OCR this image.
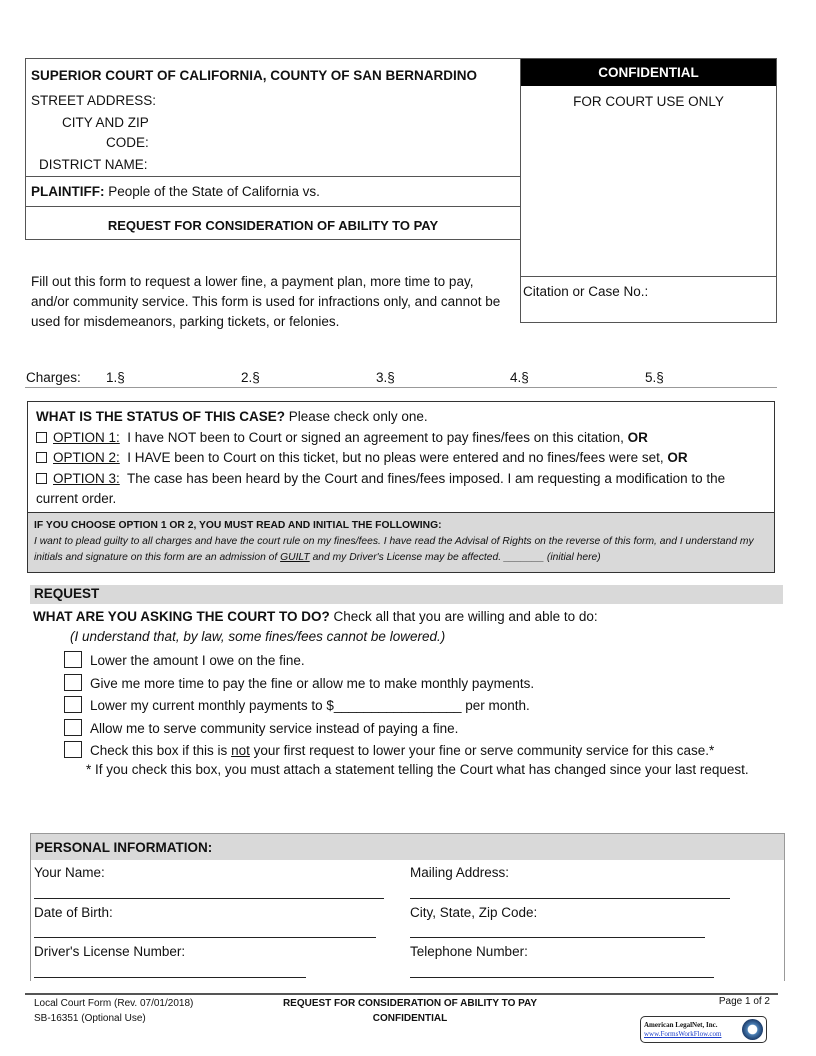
SUPERIOR COURT OF CALIFORNIA, COUNTY OF SAN BERNARDINO
STREET ADDRESS:
CITY AND ZIP
CODE:
DISTRICT NAME:
PLAINTIFF: People of the State of California vs.
REQUEST FOR CONSIDERATION OF ABILITY TO PAY
CONFIDENTIAL
FOR COURT USE ONLY
Citation or Case No.:
Fill out this form to request a lower fine, a payment plan, more time to pay, and/or community service. This form is used for infractions only, and cannot be used for misdemeanors, parking tickets, or felonies.
Charges: 1.§	2.§	3.§	4.§	5.§
WHAT IS THE STATUS OF THIS CASE? Please check only one.
OPTION 1: I have NOT been to Court or signed an agreement to pay fines/fees on this citation, OR
OPTION 2: I HAVE been to Court on this ticket, but no pleas were entered and no fines/fees were set, OR
OPTION 3: The case has been heard by the Court and fines/fees imposed. I am requesting a modification to the current order.
IF YOU CHOOSE OPTION 1 OR 2, YOU MUST READ AND INITIAL THE FOLLOWING:
I want to plead guilty to all charges and have the court rule on my fines/fees. I have read the Advisal of Rights on the reverse of this form, and I understand my initials and signature on this form are an admission of GUILT and my Driver's License may be affected. _______ (initial here)
REQUEST
WHAT ARE YOU ASKING THE COURT TO DO? Check all that you are willing and able to do:
(I understand that, by law, some fines/fees cannot be lowered.)
Lower the amount I owe on the fine.
Give me more time to pay the fine or allow me to make monthly payments.
Lower my current monthly payments to $_________________ per month.
Allow me to serve community service instead of paying a fine.
Check this box if this is not your first request to lower your fine or serve community service for this case.*
* If you check this box, you must attach a statement telling the Court what has changed since your last request.
PERSONAL INFORMATION:
Your Name:	Mailing Address:
Date of Birth:	City, State, Zip Code:
Driver's License Number:	Telephone Number:
Local Court Form (Rev. 07/01/2018)
SB-16351 (Optional Use)
REQUEST FOR CONSIDERATION OF ABILITY TO PAY
CONFIDENTIAL
Page 1 of 2
American LegalNet, Inc.
www.FormsWorkFlow.com
